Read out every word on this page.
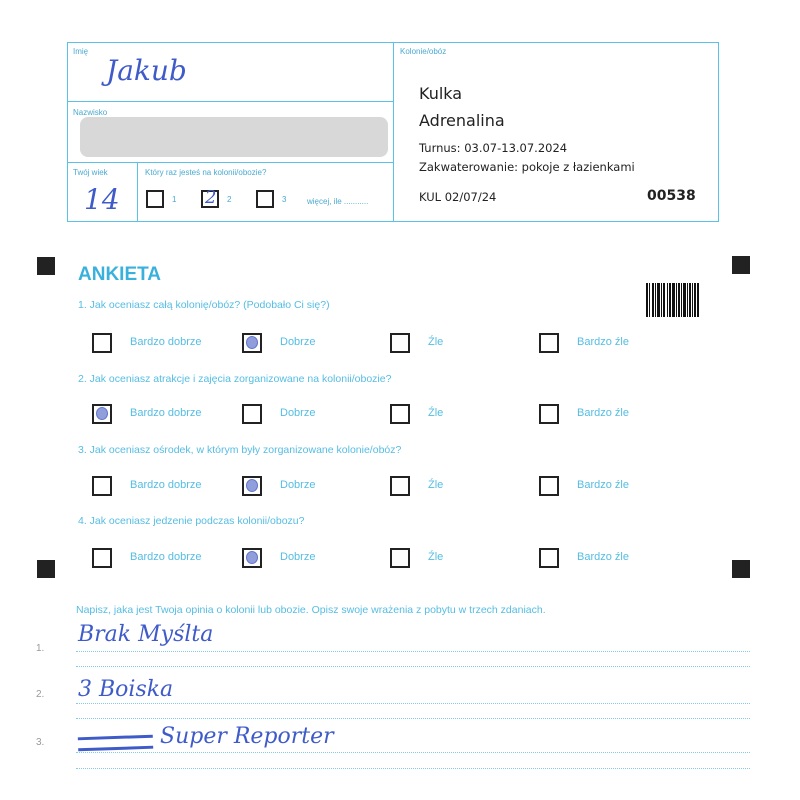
Imię
Jakub
Nazwisko
Twój wiek
14
Który raz jesteś na kolonii/obozie?
1 2 2	3	więcej, ile ...........
Kolonie/obóz
Kulka
Adrenalina
Turnus: 03.07-13.07.2024
Zakwaterowanie: pokoje z łazienkami
KUL 02/07/24	00538
ANKIETA
1. Jak oceniasz całą kolonię/obóz? (Podobało Ci się?)
Bardzo dobrze	Dobrze	Źle	Bardzo źle
2. Jak oceniasz atrakcje i zajęcia zorganizowane na kolonii/obozie?
Bardzo dobrze	Dobrze	Źle	Bardzo źle
3. Jak oceniasz ośrodek, w którym były zorganizowane kolonie/obóz?
Bardzo dobrze	Dobrze	Źle	Bardzo źle
4. Jak oceniasz jedzenie podczas kolonii/obozu?
Bardzo dobrze	Dobrze	Źle	Bardzo źle
Napisz, jaka jest Twoja opinia o kolonii lub obozie. Opisz swoje wrażenia z pobytu w trzech zdaniach.
1.
Brak Myślta
2. 3 Boiska
3.	Super Reporter
